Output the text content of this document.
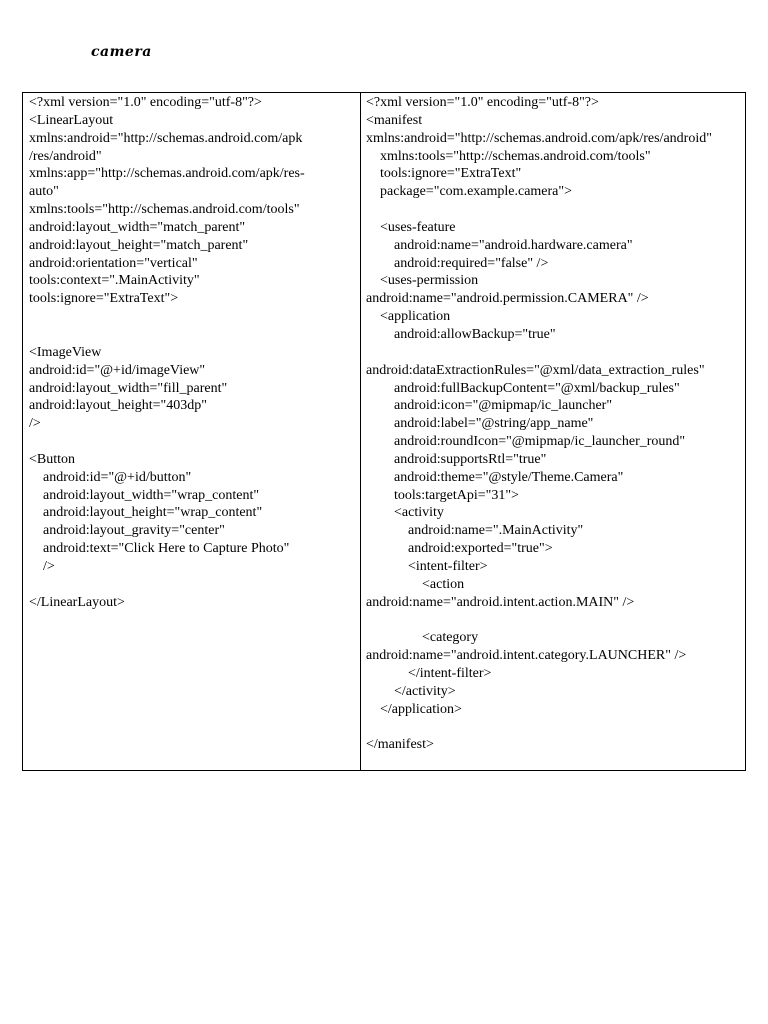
camera
<?xml version="1.0" encoding="utf-8"?>
<LinearLayout
xmlns:android="http://schemas.android.com/apk
/res/android"
xmlns:app="http://schemas.android.com/apk/res-
auto"
xmlns:tools="http://schemas.android.com/tools"
android:layout_width="match_parent"
android:layout_height="match_parent"
android:orientation="vertical"
tools:context=".MainActivity"
tools:ignore="ExtraText">
<ImageView
android:id="@+id/imageView"
android:layout_width="fill_parent"
android:layout_height="403dp"
/>
<Button
android:id="@+id/button"
android:layout_width="wrap_content"
android:layout_height="wrap_content"
android:layout_gravity="center"
android:text="Click Here to Capture Photo"
/>
</LinearLayout>
<?xml version="1.0" encoding="utf-8"?>
<manifest
xmlns:android="http://schemas.android.com/apk/res/android"
xmlns:tools="http://schemas.android.com/tools"
tools:ignore="ExtraText"
package="com.example.camera">
<uses-feature
android:name="android.hardware.camera"
android:required="false" />
<uses-permission
android:name="android.permission.CAMERA" />
<application
android:allowBackup="true"
android:dataExtractionRules="@xml/data_extraction_rules"
android:fullBackupContent="@xml/backup_rules"
android:icon="@mipmap/ic_launcher"
android:label="@string/app_name"
android:roundIcon="@mipmap/ic_launcher_round"
android:supportsRtl="true"
android:theme="@style/Theme.Camera"
tools:targetApi="31">
<activity
android:name=".MainActivity"
android:exported="true">
<intent-filter>
<action
android:name="android.intent.action.MAIN" />
<category
android:name="android.intent.category.LAUNCHER" />
</intent-filter>
</activity>
</application>
</manifest>
